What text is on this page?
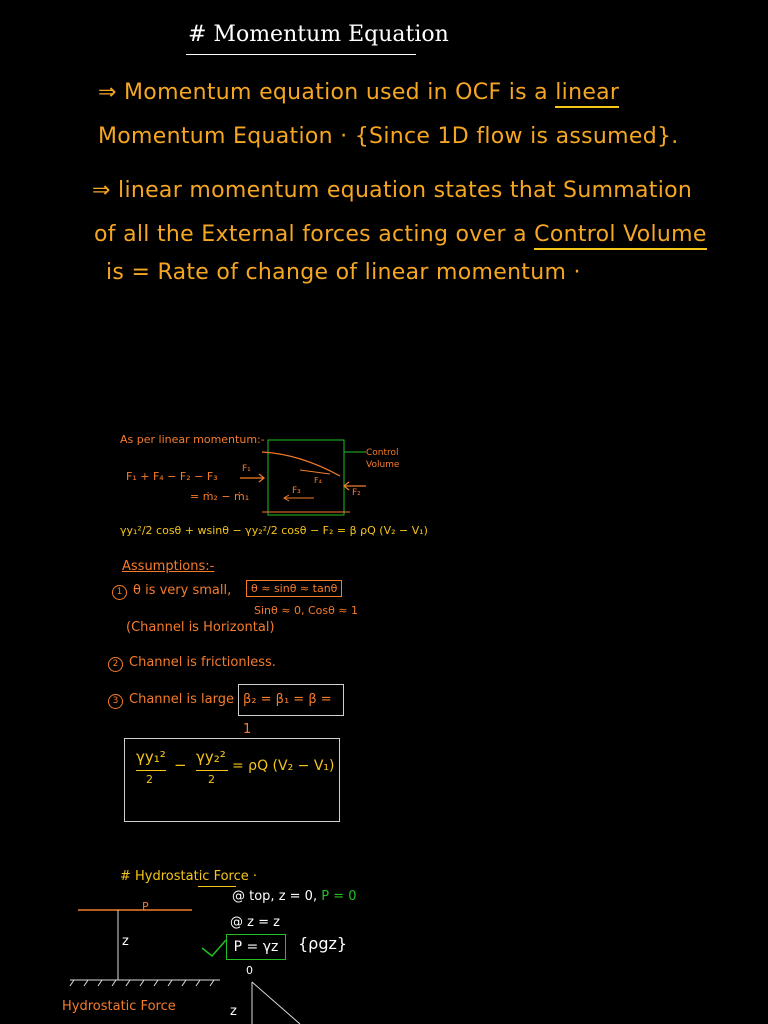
# Momentum Equation
⇒ Momentum equation used in OCF is a linear
Momentum Equation · {Since 1D flow is assumed}.
⇒ linear momentum equation states that Summation
of all the External forces acting over a Control Volume
is = Rate of change of linear momentum ·
As per linear momentum:-
Control Volume
F₁
F₄
F₂
F₃
F₁ + F₄ − F₂ − F₃
= ṁ₂ − ṁ₁
γy₁²/2 cosθ + wsinθ − γy₂²/2 cosθ − F₂ = β ρQ (V₂ − V₁)
Assumptions:-
1 θ is very small,	θ ≈ sinθ ≈ tanθ
Sinθ ≈ 0, Cosθ ≈ 1
(Channel is Horizontal)
2 Channel is frictionless.
3 Channel is large β₂ = β₁ = β = 1
γy₁²
2
− γy₂²
2
= ρQ (V₂ − V₁)
# Hydrostatic Force ·
@ top, z = 0, P = 0
P
@ z = z
P = γz	{ρgz}
z
0
z
Hydrostatic Force
